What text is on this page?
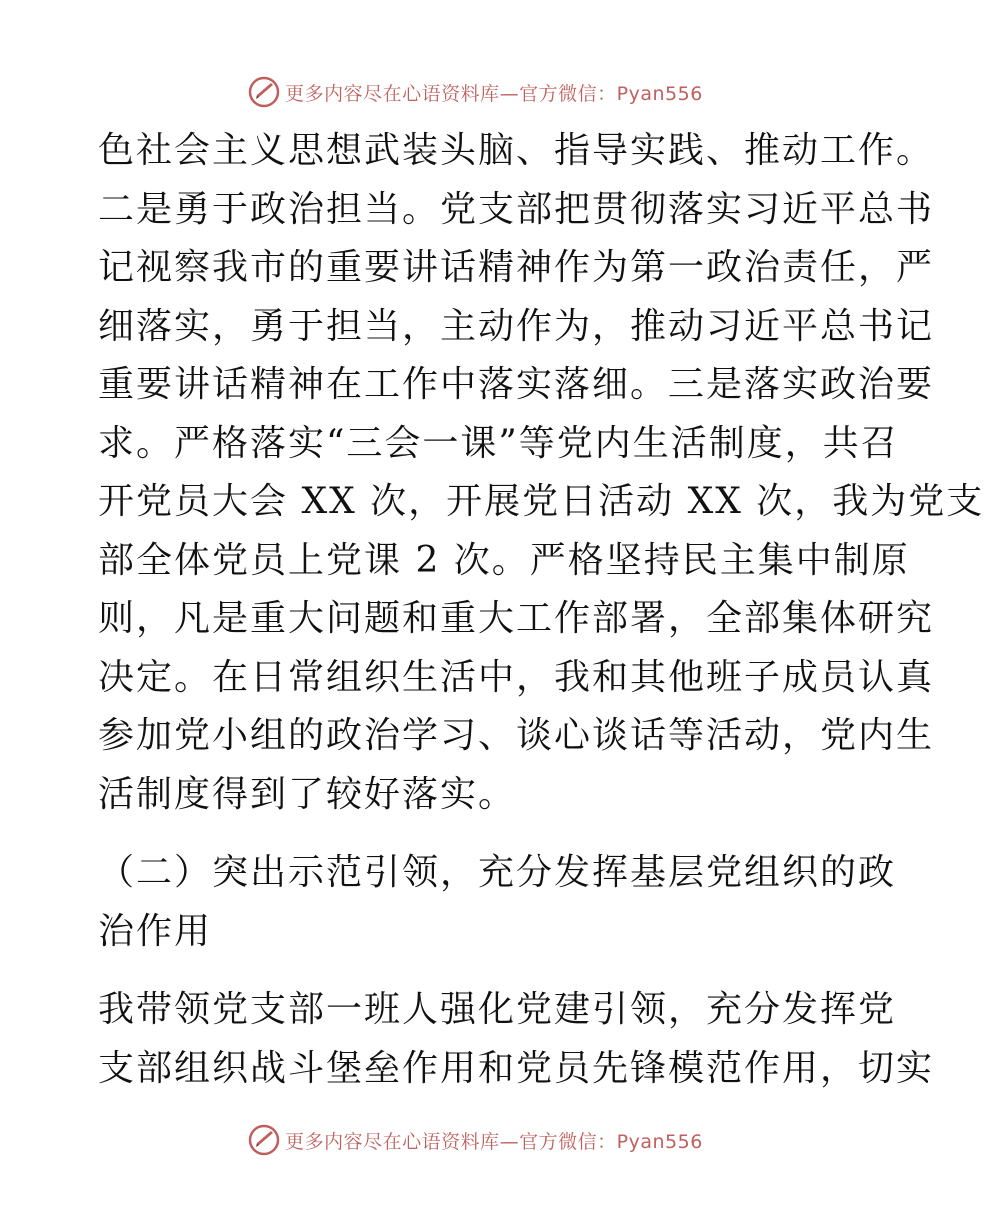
更多内容尽在心语资料库—官方微信：Pyan556
色社会主义思想武装头脑、指导实践、推动工作。
二是勇于政治担当。党支部把贯彻落实习近平总书
记视察我市的重要讲话精神作为第一政治责任，严
细落实，勇于担当，主动作为，推动习近平总书记
重要讲话精神在工作中落实落细。三是落实政治要
求。严格落实“三会一课”等党内生活制度，共召
开党员大会 XX 次，开展党日活动 XX 次，我为党支
部全体党员上党课 2 次。严格坚持民主集中制原
则，凡是重大问题和重大工作部署，全部集体研究
决定。在日常组织生活中，我和其他班子成员认真
参加党小组的政治学习、谈心谈话等活动，党内生
活制度得到了较好落实。
（二）突出示范引领，充分发挥基层党组织的政
治作用
我带领党支部一班人强化党建引领，充分发挥党
支部组织战斗堡垒作用和党员先锋模范作用，切实
更多内容尽在心语资料库—官方微信：Pyan556
